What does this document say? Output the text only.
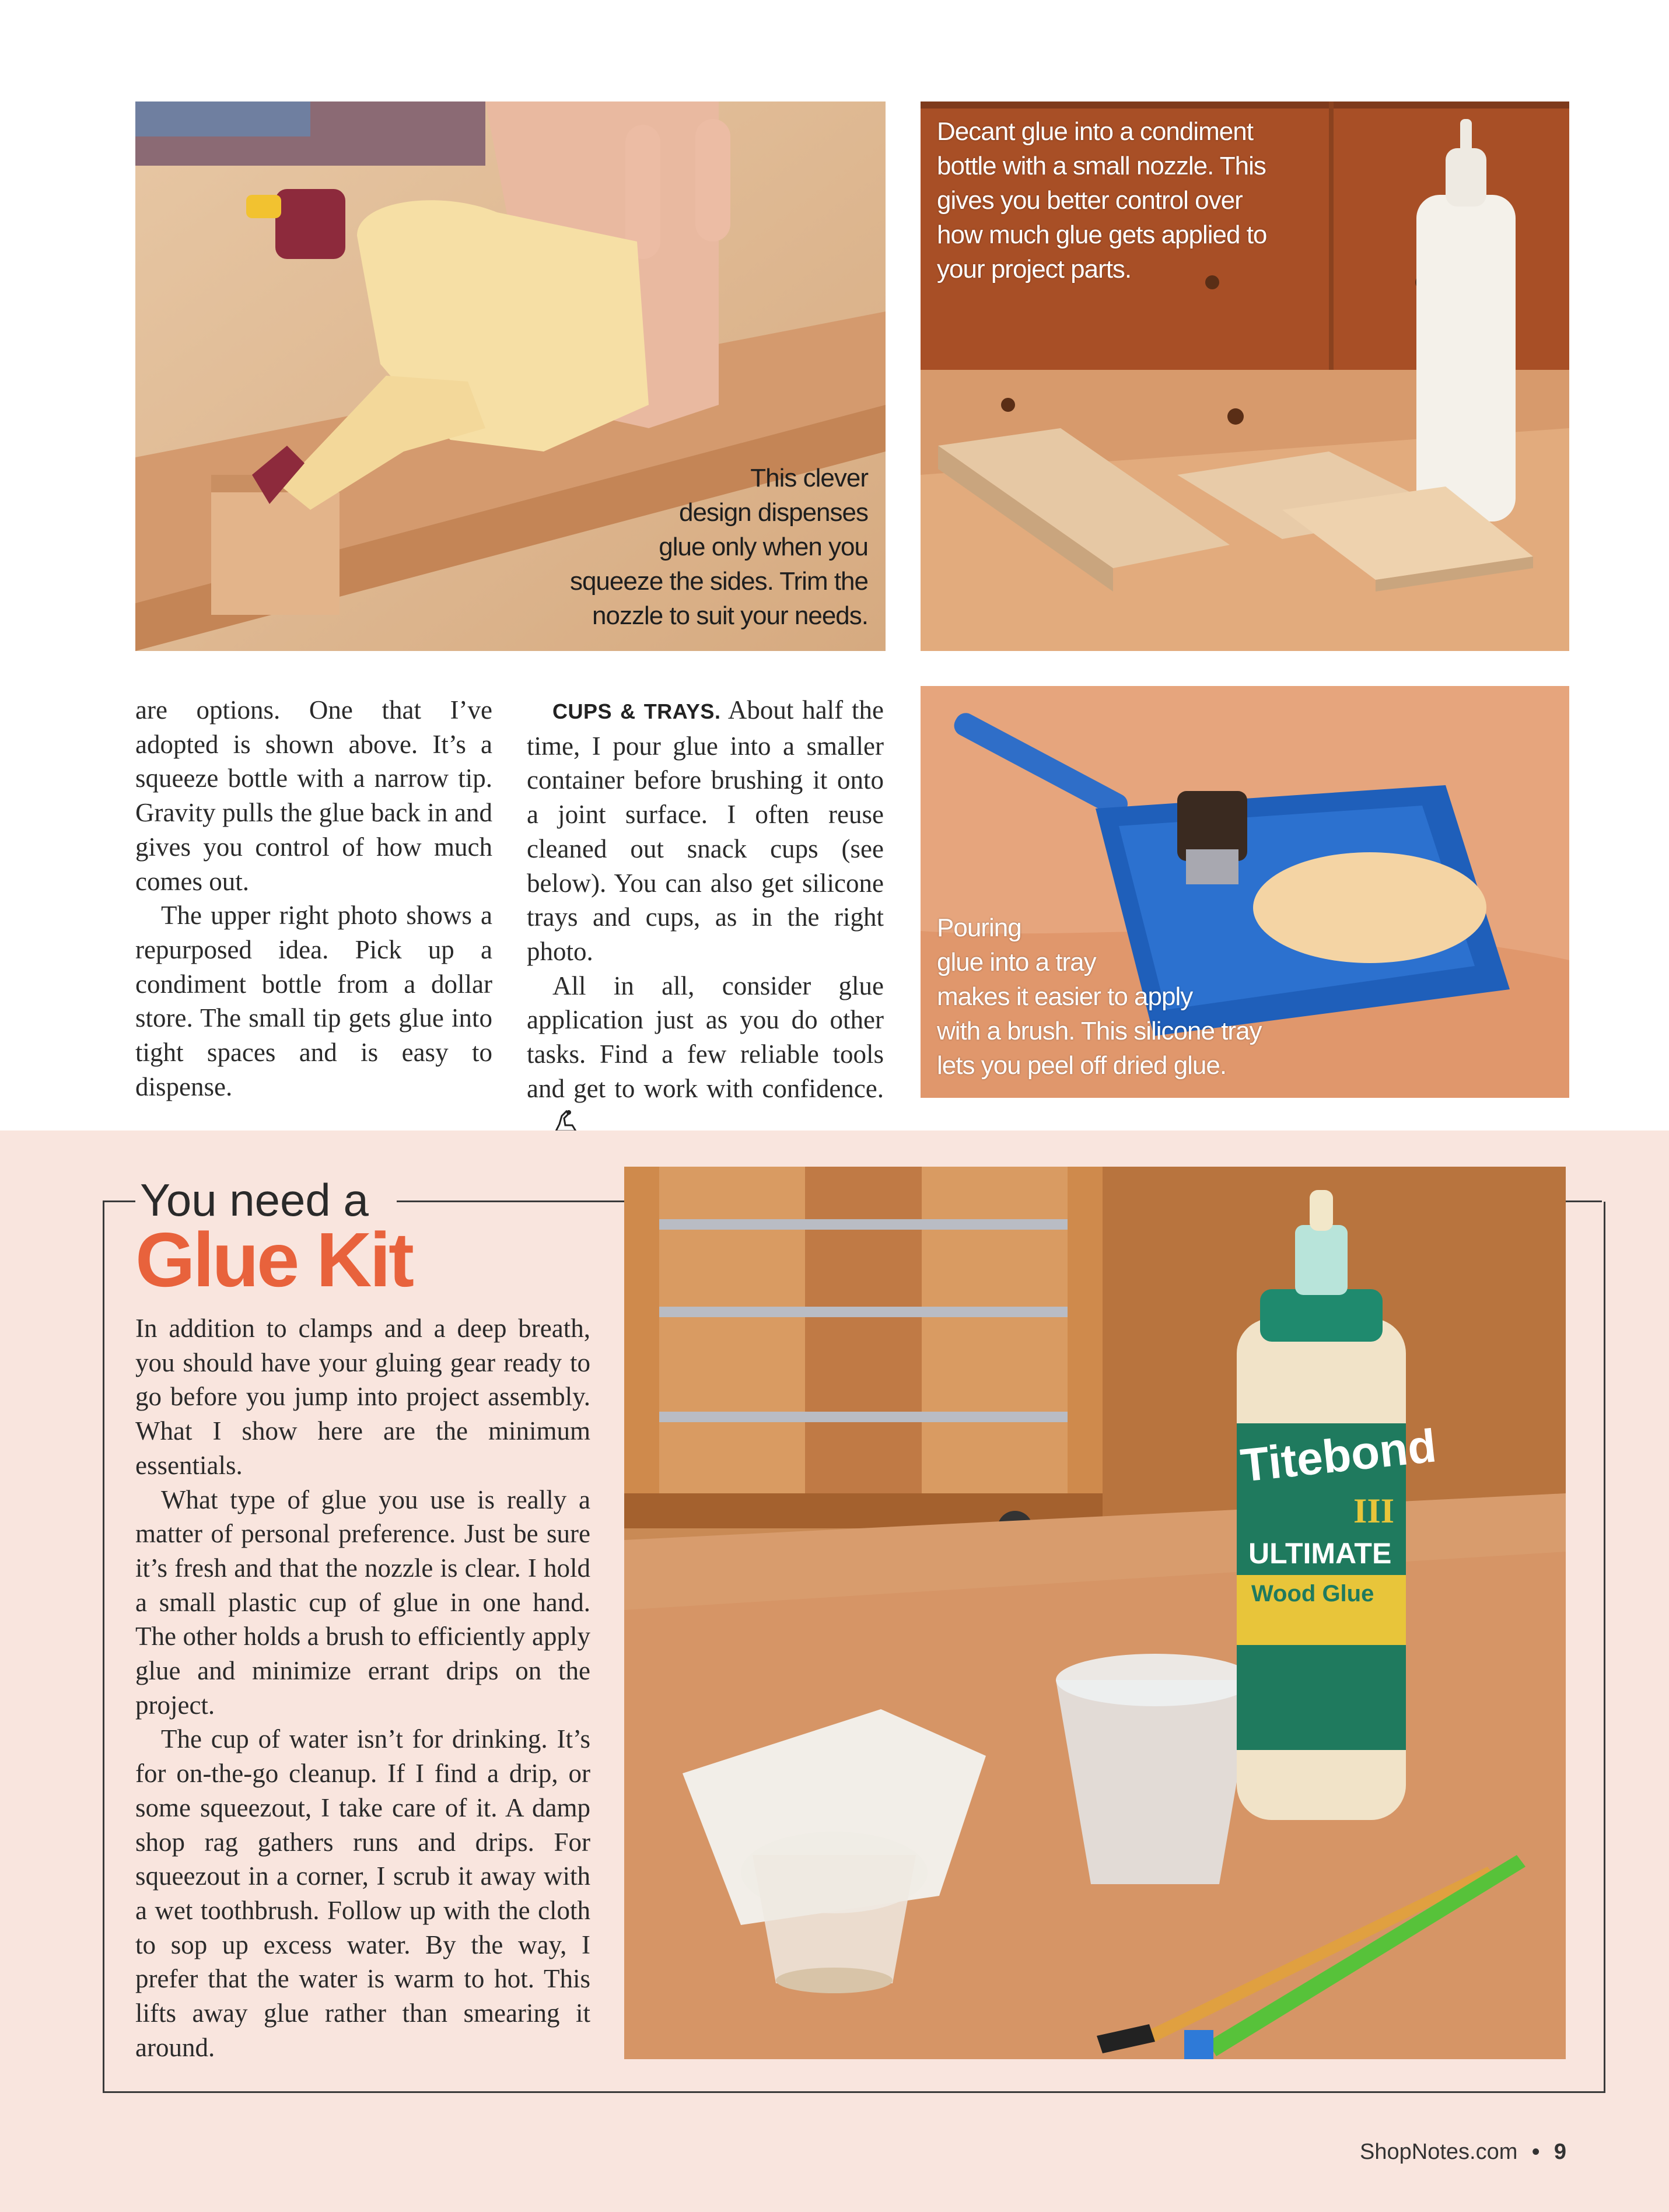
This clever
design dispenses
glue only when you
squeeze the sides. Trim the
nozzle to suit your needs.
Decant glue into a condiment
bottle with a small nozzle. This
gives you better control over
how much glue gets applied to
your project parts.

are options. One that I’ve adopted is shown above. It’s a squeeze bottle with a narrow tip. Gravity pulls the glue back in and gives you control of how much comes out.

The upper right photo shows a repurposed idea. Pick up a condiment bottle from a dollar store. The small tip gets glue into tight spaces and is easy to dispense.

CUPS & TRAYS. About half the time, I pour glue into a smaller container before brushing it onto a joint surface. I often reuse cleaned out snack cups (see below). You can also get silicone trays and cups, as in the right photo.

All in all, consider glue application just as you do other tasks. Find a few reliable tools and get to work with confidence.

Pouring
glue into a tray
makes it easier to apply
with a brush. This silicone tray
lets you peel off dried glue.
You need a
Glue Kit

In addition to clamps and a deep breath, you should have your gluing gear ready to go before you jump into project assembly. What I show here are the minimum essentials.

What type of glue you use is really a matter of personal preference. Just be sure it’s fresh and that the nozzle is clear. I hold a small plastic cup of glue in one hand. The other holds a brush to efficiently apply glue and minimize errant drips on the project.

The cup of water isn’t for drinking. It’s for on-the-go cleanup. If I find a drip, or some squeezout, I take care of it. A damp shop rag gathers runs and drips. For squeezout in a corner, I scrub it away with a wet toothbrush. Follow up with the cloth to sop up excess water. By the way, I prefer that the water is warm to hot. This lifts away glue rather than smearing it around.

Titebond
III
ULTIMATE
Wood Glue
ShopNotes.com • 9
